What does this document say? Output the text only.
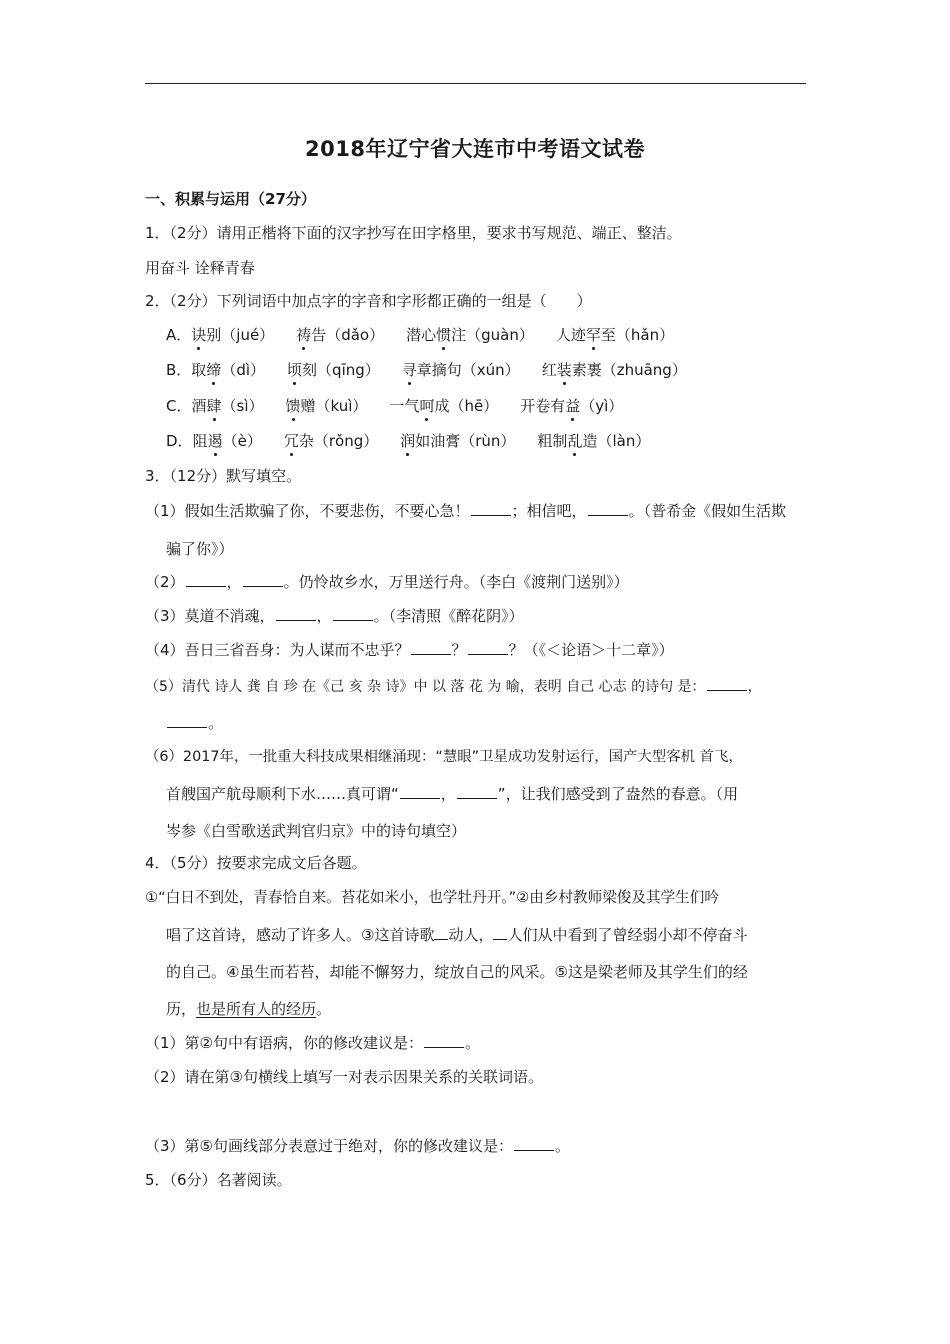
2018年辽宁省大连市中考语文试卷
一、积累与运用（27分）
1．（2分）请用正楷将下面的汉字抄写在田字格里，要求书写规范、端正、整洁。
用奋斗 诠释青春
2．（2分）下列词语中加点字的字音和字形都正确的一组是（　　）
A．诀别（jué） 祷告（dǎo） 潜心惯注（guàn） 人迹罕至（hǎn）
B．取缔（dì） 顷刻（qīng） 寻章摘句（xún） 红装素裹（zhuāng）
C．酒肆（sì） 馈赠（kuì） 一气呵成（hē） 开卷有益（yì）
D．阻遏（è） 冗杂（rǒng） 润如油膏（rùn） 粗制乱造（làn）
3．（12分）默写填空。
（1）假如生活欺骗了你，不要悲伤，不要心急！	；相信吧，	。（普希金《假如生活欺
骗了你》）
（2）	，	。仍怜故乡水，万里送行舟。（李白《渡荆门送别》）
（3）莫道不消魂，	，	。（李清照《醉花阴》）
（4）吾日三省吾身：为人谋而不忠乎？	？	？（《＜论语＞十二章》）
（5）清代 诗人 龚 自 珍 在《己 亥 杂 诗》中 以 落 花 为 喻，表明 自己 心志 的诗句 是：	，
。
（6）2017年，一批重大科技成果相继涌现：“慧眼”卫星成功发射运行，国产大型客机 首飞，
首艘国产航母顺利下水……真可谓“	，	”，让我们感受到了盎然的春意。（用
岑参《白雪歌送武判官归京》中的诗句填空）
4．（5分）按要求完成文后各题。
①“白日不到处，青春恰自来。苔花如米小，也学牡丹开。”②由乡村教师梁俊及其学生们吟
唱了这首诗，感动了许多人。③这首诗歌 动人， 人们从中看到了曾经弱小却不停奋斗
的自己。④虽生而若苔，却能不懈努力，绽放自己的风采。⑤这是梁老师及其学生们的经
历，也是所有人的经历。
（1）第②句中有语病，你的修改建议是：	。
（2）请在第③句横线上填写一对表示因果关系的关联词语。
（3）第⑤句画线部分表意过于绝对，你的修改建议是：	。
5．（6分）名著阅读。
